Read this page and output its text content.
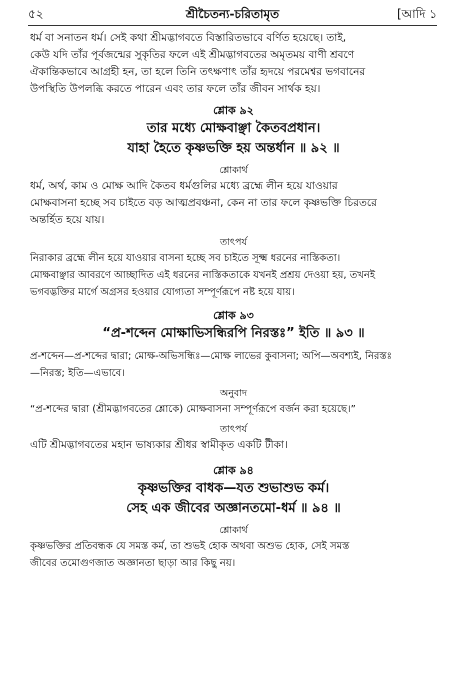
৫২	শ্রীচৈতন্য-চরিতামৃত	[আদি ১

ধর্ম বা সনাতন ধর্ম। সেই কথা শ্রীমদ্ভাগবতে বিস্তারিতভাবে বর্ণিত হয়েছে। তাই,

কেউ যদি তাঁর পূর্বজন্মের সুকৃতির ফলে এই শ্রীমদ্ভাগবতের অমৃতময় বাণী শ্রবণে

ঐকান্তিকভাবে আগ্রহী হন, তা হলে তিনি তৎক্ষণাৎ তাঁর হৃদয়ে পরমেশ্বর ভগবানের

উপস্থিতি উপলব্ধি করতে পারেন এবং তার ফলে তাঁর জীবন সার্থক হয়।

শ্লোক ৯২

তার মধ্যে মোক্ষবাঞ্ছা কৈতবপ্রধান।

যাহা হৈতে কৃষ্ণভক্তি হয় অন্তর্ধান ॥ ৯২ ॥

শ্লোকার্থ

ধর্ম, অর্থ, কাম ও মোক্ষ আদি কৈতব ধর্মগুলির মধ্যে ব্রহ্মে লীন হয়ে যাওয়ার

মোক্ষবাসনা হচ্ছে সব চাইতে বড় আত্মপ্রবঞ্চনা, কেন না তার ফলে কৃষ্ণভক্তি চিরতরে

অন্তর্হিত হয়ে যায়।

তাৎপর্য

নিরাকার ব্রহ্মে লীন হয়ে যাওয়ার বাসনা হচ্ছে সব চাইতে সূক্ষ্ম ধরনের নাস্তিকতা।

মোক্ষবাঞ্ছার আবরণে আচ্ছাদিত এই ধরনের নাস্তিকতাকে যখনই প্রশ্রয় দেওয়া হয়, তখনই

ভগবদ্ভক্তির মার্গে অগ্রসর হওয়ার যোগ্যতা সম্পূর্ণরূপে নষ্ট হয়ে যায়।

শ্লোক ৯৩

“প্র-শব্দেন মোক্ষাভিসন্ধিরপি নিরস্তঃ” ইতি ॥ ৯৩ ॥

প্র-শব্দেন—প্র-শব্দের দ্বারা; মোক্ষ-অভিসন্ধিঃ—মোক্ষ লাভের কুবাসনা; অপি—অবশ্যই, নিরস্তঃ

—নিরস্ত; ইতি—এভাবে।

অনুবাদ

“প্র-শব্দের দ্বারা (শ্রীমদ্ভাগবতের শ্লোকে) মোক্ষবাসনা সম্পূর্ণরূপে বর্জন করা হয়েছে।”

তাৎপর্য

এটি শ্রীমদ্ভাগবতের মহান ভাষ্যকার শ্রীধর স্বামীকৃত একটি টীকা।

শ্লোক ৯৪

কৃষ্ণভক্তির বাধক—যত শুভাশুভ কর্ম।

সেহ এক জীবের অজ্ঞানতমো-ধর্ম ॥ ৯৪ ॥

শ্লোকার্থ

কৃষ্ণভক্তির প্রতিবন্ধক যে সমস্ত কর্ম, তা শুভই হোক অথবা অশুভ হোক, সেই সমস্ত

জীবের তমোগুণজাত অজ্ঞানতা ছাড়া আর কিছু নয়।
